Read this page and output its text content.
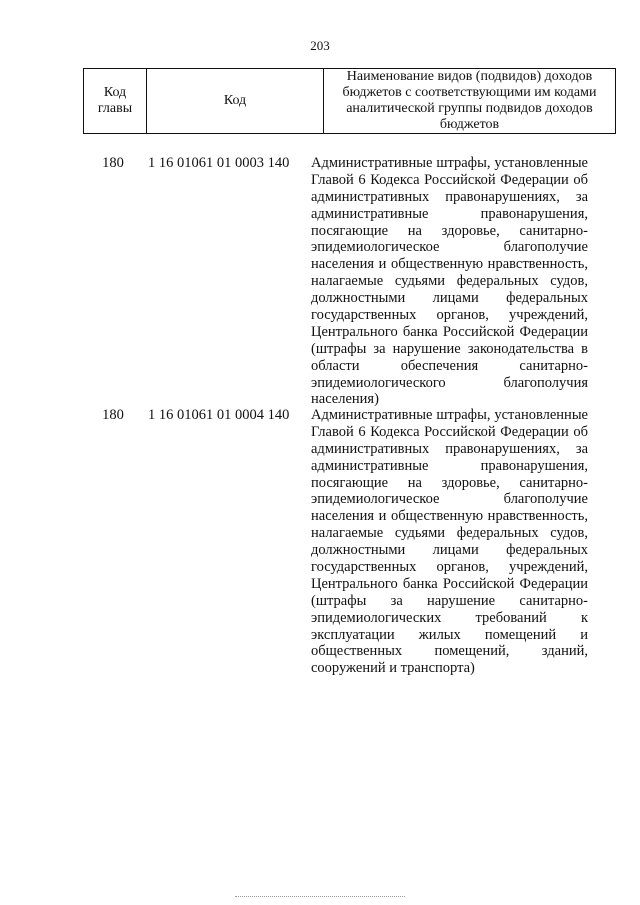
203
Код главы	Код	Наименование видов (подвидов) доходов бюджетов с соответствующими им кодами аналитической группы подвидов доходов бюджетов
180	1 16 01061 01 0003 140	Административные штрафы, установленные
Главой 6 Кодекса Российской Федерации об
административных правонарушениях, за
административные правонарушения,
посягающие на здоровье, санитарно-
эпидемиологическое благополучие
населения и общественную нравственность,
налагаемые судьями федеральных судов,
должностными лицами федеральных
государственных органов, учреждений,
Центрального банка Российской Федерации
(штрафы за нарушение законодательства в
области обеспечения санитарно-
эпидемиологического благополучия
населения)
180	1 16 01061 01 0004 140	Административные штрафы, установленные
Главой 6 Кодекса Российской Федерации об
административных правонарушениях, за
административные правонарушения,
посягающие на здоровье, санитарно-
эпидемиологическое благополучие
населения и общественную нравственность,
налагаемые судьями федеральных судов,
должностными лицами федеральных
государственных органов, учреждений,
Центрального банка Российской Федерации
(штрафы за нарушение санитарно-
эпидемиологических требований к
эксплуатации жилых помещений и
общественных помещений, зданий,
сооружений и транспорта)
